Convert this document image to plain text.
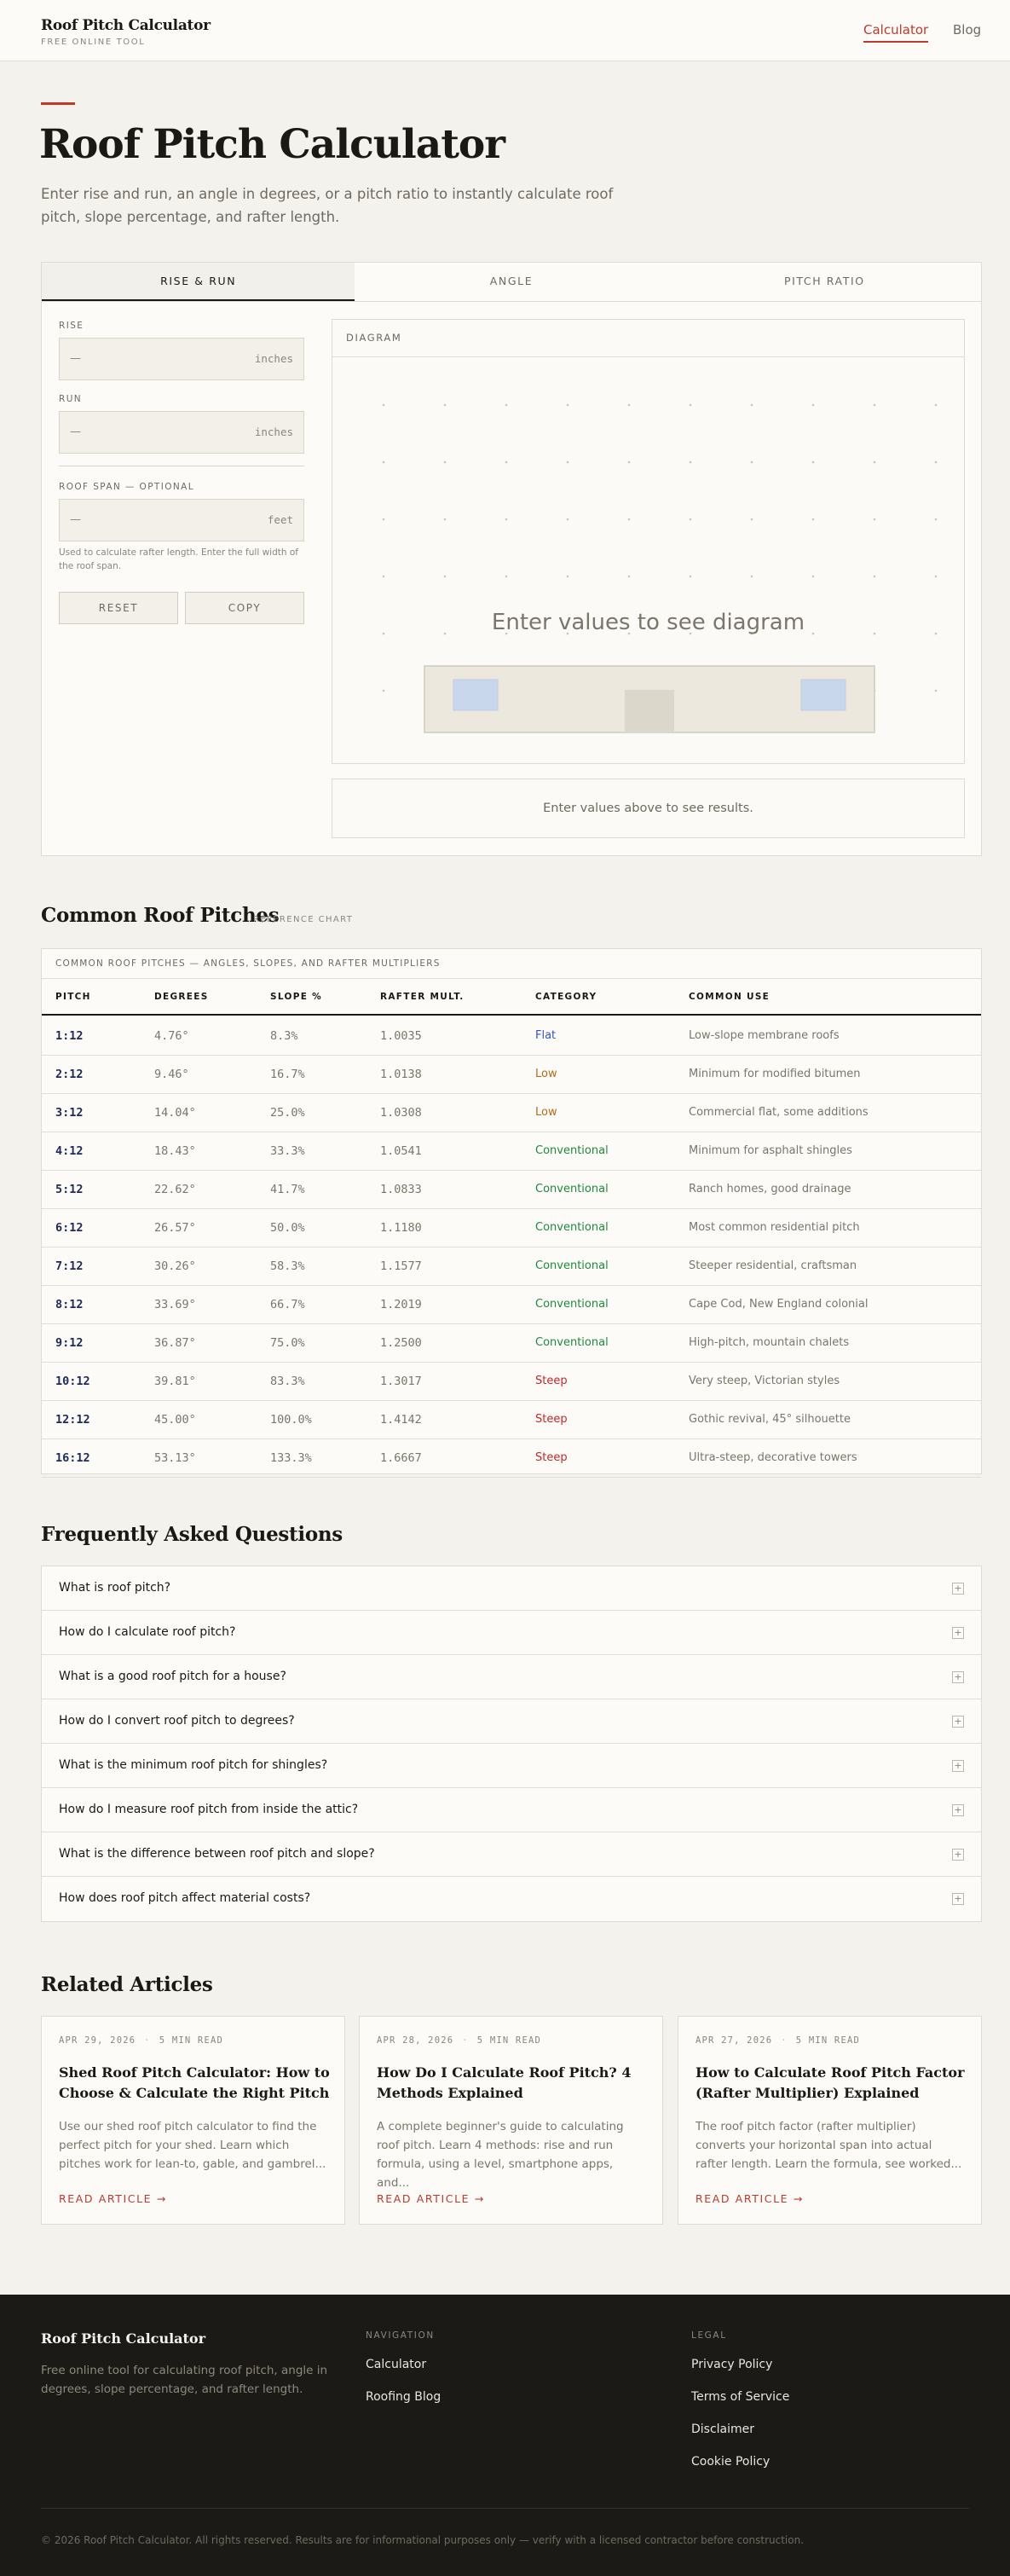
Roof Pitch Calculator
FREE ONLINE TOOL
Calculator Blog
Roof Pitch Calculator

Enter rise and run, an angle in degrees, or a pitch ratio to instantly calculate roof pitch, slope percentage, and rafter length.

RISE & RUN	ANGLE	PITCH RATIO
RISE
—	inches
RUN
—	inches
ROOF SPAN — OPTIONAL
—	feet
Used to calculate rafter length. Enter the full width of the roof span.
RESET	COPY
DIAGRAM
Enter values to see diagram
Enter values above to see results.
Common Roof Pitches
REFERENCE CHART
COMMON ROOF PITCHES — ANGLES, SLOPES, AND RAFTER MULTIPLIERS
PITCH	DEGREES	SLOPE %	RAFTER MULT.	CATEGORY	COMMON USE
1:12	4.76°	8.3%	1.0035	Flat	Low-slope membrane roofs
2:12	9.46°	16.7%	1.0138	Low	Minimum for modified bitumen
3:12	14.04°	25.0%	1.0308	Low	Commercial flat, some additions
4:12	18.43°	33.3%	1.0541	Conventional	Minimum for asphalt shingles
5:12	22.62°	41.7%	1.0833	Conventional	Ranch homes, good drainage
6:12	26.57°	50.0%	1.1180	Conventional	Most common residential pitch
7:12	30.26°	58.3%	1.1577	Conventional	Steeper residential, craftsman
8:12	33.69°	66.7%	1.2019	Conventional	Cape Cod, New England colonial
9:12	36.87°	75.0%	1.2500	Conventional	High-pitch, mountain chalets
10:12	39.81°	83.3%	1.3017	Steep	Very steep, Victorian styles
12:12	45.00°	100.0%	1.4142	Steep	Gothic revival, 45° silhouette
16:12	53.13°	133.3%	1.6667	Steep	Ultra-steep, decorative towers
Frequently Asked Questions
What is roof pitch?	+
How do I calculate roof pitch?	+
What is a good roof pitch for a house?	+
How do I convert roof pitch to degrees?	+
What is the minimum roof pitch for shingles?	+
How do I measure roof pitch from inside the attic?	+
What is the difference between roof pitch and slope?	+
How does roof pitch affect material costs?	+
Related Articles
APR 29, 2026 · 5 MIN READ
Shed Roof Pitch Calculator: How to Choose & Calculate the Right Pitch
Use our shed roof pitch calculator to find the perfect pitch for your shed. Learn which pitches work for lean-to, gable, and gambrel...
READ ARTICLE →
APR 28, 2026 · 5 MIN READ
How Do I Calculate Roof Pitch? 4 Methods Explained
A complete beginner's guide to calculating roof pitch. Learn 4 methods: rise and run formula, using a level, smartphone apps, and...
READ ARTICLE →
APR 27, 2026 · 5 MIN READ
How to Calculate Roof Pitch Factor (Rafter Multiplier) Explained
The roof pitch factor (rafter multiplier) converts your horizontal span into actual rafter length. Learn the formula, see worked...
READ ARTICLE →
Roof Pitch Calculator
Free online tool for calculating roof pitch, angle in degrees, slope percentage, and rafter length.
NAVIGATION
Calculator
Roofing Blog
LEGAL
Privacy Policy
Terms of Service
Disclaimer
Cookie Policy
© 2026 Roof Pitch Calculator. All rights reserved. Results are for informational purposes only — verify with a licensed contractor before construction.
